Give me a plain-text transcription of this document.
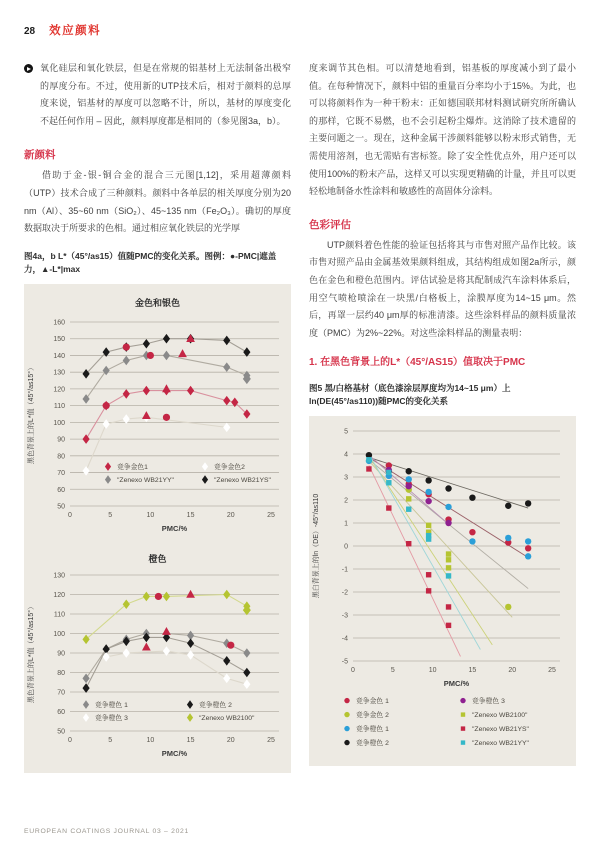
28 效应颜料

氧化硅层和氧化铁层，但是在常规的铝基材上无法制备出极窄的厚度分布。不过，使用新的UTP技术后，相对于颜料的总厚度来说，铝基材的厚度可以忽略不计，所以，基材的厚度变化不起任何作用 – 因此，颜料厚度都是相同的（参见图3a，b）。

新颜料

借助于金-银-铜合金的混合三元图[1,12]，采用超薄颜料（UTP）技术合成了三种颜料。颜料中各单层的相关厚度分别为20 nm（Al）、35~60 nm（SiO₂）、45~135 nm（Fe₂O₃）。确切的厚度数据取决于所要求的色相。通过相应氧化铁层的光学厚

图4a，b L*（45°/as15）值随PMC的变化关系。图例：●-PMC|遮盖力，▲-L*|max

金色和银色
50
60
70
80
90
100
110
120
130
140
150
160
0	5	10	15	20	25
PMC/%
黑色背景上的L*值（45°/as15°）
竞争金色1	竞争金色2
"Zenexo WB21YY"	"Zenexo WB21YS"
橙色
50
60
70
80
90
100
110
120
130
0	5	10	15	20	25
PMC/%
黑色背景上的L*值（45°/as15°）
竞争橙色 1	竞争橙色 2
竞争橙色 3	"Zenexo WB2100"

度来调节其色相。可以清楚地看到，铝基板的厚度减小到了最小值。在每种情况下，颜料中铝的重量百分率均小于15%。为此，也可以将颜料作为一种干粉末：正如德国联邦材料测试研究所所确认的那样，它既不易燃，也不会引起粉尘爆炸。这消除了技术遗留的主要问题之一。现在，这种金属干涉颜料能够以粉末形式销售，无需使用溶剂，也无需贴有害标签。除了安全性优点外，用户还可以使用100%的粉末产品，这样又可以实现更精确的计量，并且可以更轻松地制备水性涂料和敏感性的高固体分涂料。

色彩评估

UTP颜料着色性能的验证包括将其与市售对照产品作比较。该市售对照产品由金属基效果颜料组成，其结构组成如图2a所示，颜色在金色和橙色范围内。评估试验是将其配制成汽车涂料体系后，用空气喷枪喷涂在一块黑/白格板上，涂膜厚度为14~15 μm。然后，再罩一层约40 μm厚的标准清漆。这些涂料样品的颜料质量浓度（PMC）为2%~22%。对这些涂料样品的测量表明：

1. 在黑色背景上的L*（45°/AS15）值取决于PMC

图5 黑/白格基材（底色漆涂层厚度均为14~15 μm）上ln(DE(45°/as110))随PMC的变化关系

-5
-4
-3
-2
-1
0
1
2
3
4
5
0	5	10	15	20	25
PMC/%
黑白背景上的ln（DE）-45°/as110
竞争金色 1
竞争金色 2
竞争橙色 1
竞争橙色 2
竞争橙色 3
"Zenexo WB2100"
"Zenexo WB21YS"
"Zenexo WB21YY"
EUROPEAN COATINGS JOURNAL 03 – 2021
